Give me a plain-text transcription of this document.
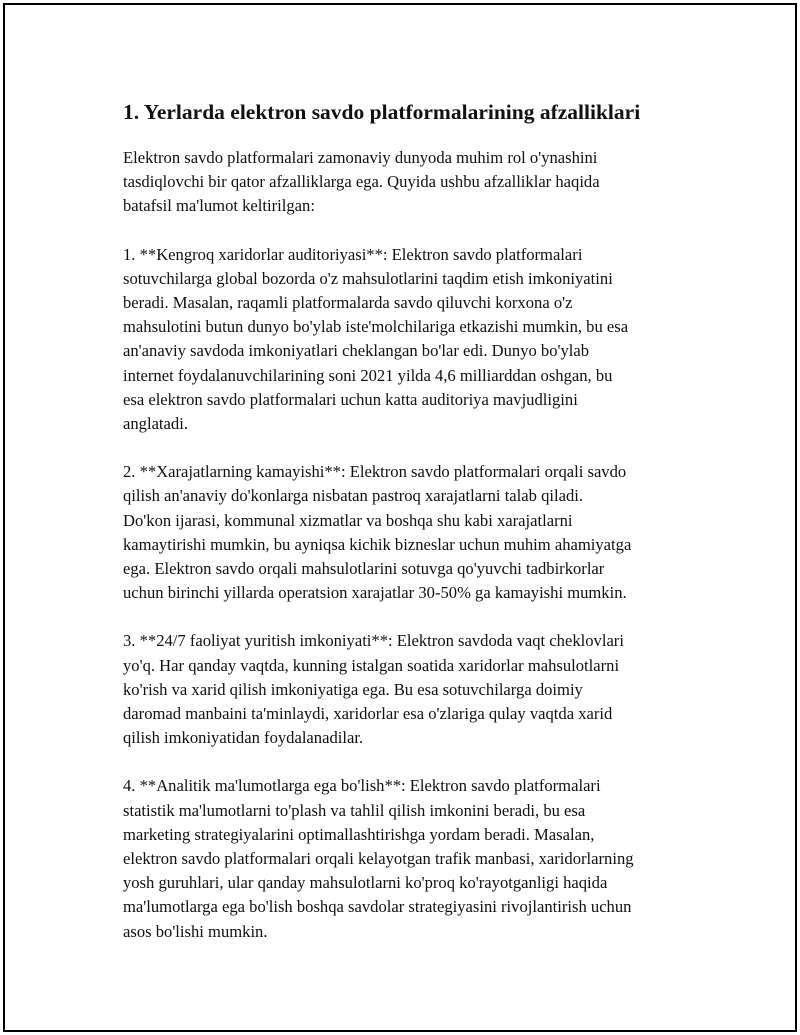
1. Yerlarda elektron savdo platformalarining afzalliklari

Elektron savdo platformalari zamonaviy dunyoda muhim rol o'ynashini
tasdiqlovchi bir qator afzalliklarga ega. Quyida ushbu afzalliklar haqida
batafsil ma'lumot keltirilgan:

1. **Kengroq xaridorlar auditoriyasi**: Elektron savdo platformalari
sotuvchilarga global bozorda o'z mahsulotlarini taqdim etish imkoniyatini
beradi. Masalan, raqamli platformalarda savdo qiluvchi korxona o'z
mahsulotini butun dunyo bo'ylab iste'molchilariga etkazishi mumkin, bu esa
an'anaviy savdoda imkoniyatlari cheklangan bo'lar edi. Dunyo bo'ylab
internet foydalanuvchilarining soni 2021 yilda 4,6 milliarddan oshgan, bu
esa elektron savdo platformalari uchun katta auditoriya mavjudligini
anglatadi.

2. **Xarajatlarning kamayishi**: Elektron savdo platformalari orqali savdo
qilish an'anaviy do'konlarga nisbatan pastroq xarajatlarni talab qiladi.
Do'kon ijarasi, kommunal xizmatlar va boshqa shu kabi xarajatlarni
kamaytirishi mumkin, bu ayniqsa kichik bizneslar uchun muhim ahamiyatga
ega. Elektron savdo orqali mahsulotlarini sotuvga qo'yuvchi tadbirkorlar
uchun birinchi yillarda operatsion xarajatlar 30-50% ga kamayishi mumkin.

3. **24/7 faoliyat yuritish imkoniyati**: Elektron savdoda vaqt cheklovlari
yo'q. Har qanday vaqtda, kunning istalgan soatida xaridorlar mahsulotlarni
ko'rish va xarid qilish imkoniyatiga ega. Bu esa sotuvchilarga doimiy
daromad manbaini ta'minlaydi, xaridorlar esa o'zlariga qulay vaqtda xarid
qilish imkoniyatidan foydalanadilar.

4. **Analitik ma'lumotlarga ega bo'lish**: Elektron savdo platformalari
statistik ma'lumotlarni to'plash va tahlil qilish imkonini beradi, bu esa
marketing strategiyalarini optimallashtirishga yordam beradi. Masalan,
elektron savdo platformalari orqali kelayotgan trafik manbasi, xaridorlarning
yosh guruhlari, ular qanday mahsulotlarni ko'proq ko'rayotganligi haqida
ma'lumotlarga ega bo'lish boshqa savdolar strategiyasini rivojlantirish uchun
asos bo'lishi mumkin.
